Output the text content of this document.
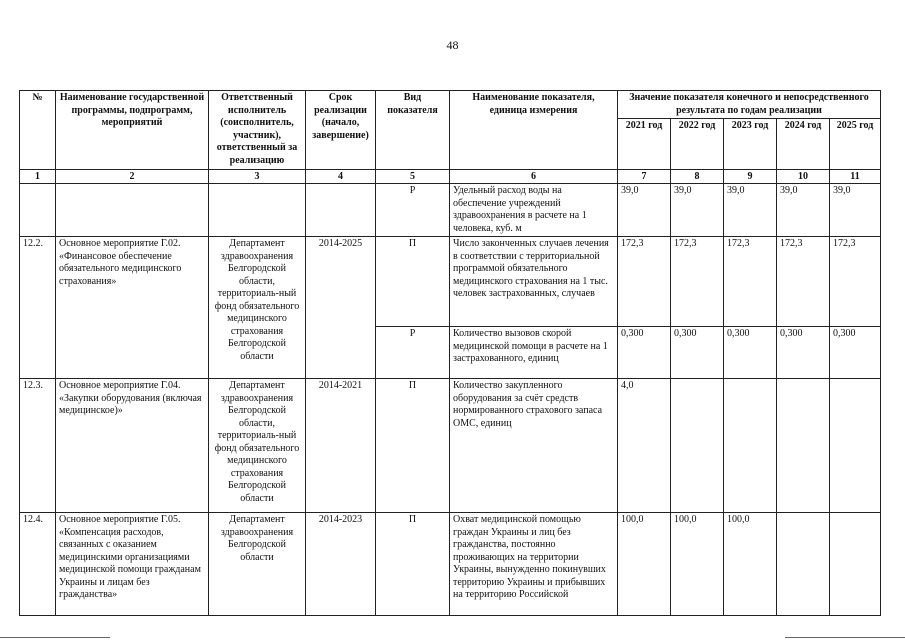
48
№	Наименование государственной программы, подпрограмм, мероприятий	Ответственный исполнитель (соисполнитель, участник), ответственный за реализацию	Срок реализации (начало, завершение)	Вид показателя	Наименование показателя, единица измерения	Значение показателя конечного и непосредственного результата по годам реализации				
						2021 год	2022 год	2023 год	2024 год	2025 год
1	2	3	4	5	6	7	8	9	10	11
				Р	Удельный расход воды на обеспечение учреждений здравоохранения в расчете на 1 человека, куб. м	39,0	39,0	39,0	39,0	39,0
12.2.	Основное мероприятие Г.02. «Финансовое обеспечение обязательного медицинского страхования»	Департамент здравоохранения Белгородской области, территориаль-ный фонд обязательного медицинского страхования Белгородской области	2014-2025	П	Число законченных случаев лечения в соответствии с территориальной программой обязательного медицинского страхования на 1 тыс. человек застрахованных, случаев	172,3	172,3	172,3	172,3	172,3
				Р	Количество вызовов скорой медицинской помощи в расчете на 1 застрахованного, единиц	0,300	0,300	0,300	0,300	0,300
12.3.	Основное мероприятие Г.04. «Закупки оборудования (включая медицинское)»	Департамент здравоохранения Белгородской области, территориаль-ный фонд обязательного медицинского страхования Белгородской области	2014-2021	П	Количество закупленного оборудования за счёт средств нормированного страхового запаса ОМС, единиц	4,0				
12.4.	Основное мероприятие Г.05. «Компенсация расходов, связанных с оказанием медицинскими организациями медицинской помощи гражданам Украины и лицам без гражданства»	Департамент здравоохранения Белгородской области	2014-2023	П	Охват медицинской помощью граждан Украины и лиц без гражданства, постоянно проживающих на территории Украины, вынужденно покинувших территорию Украины и прибывших на территорию Российской	100,0	100,0	100,0		
